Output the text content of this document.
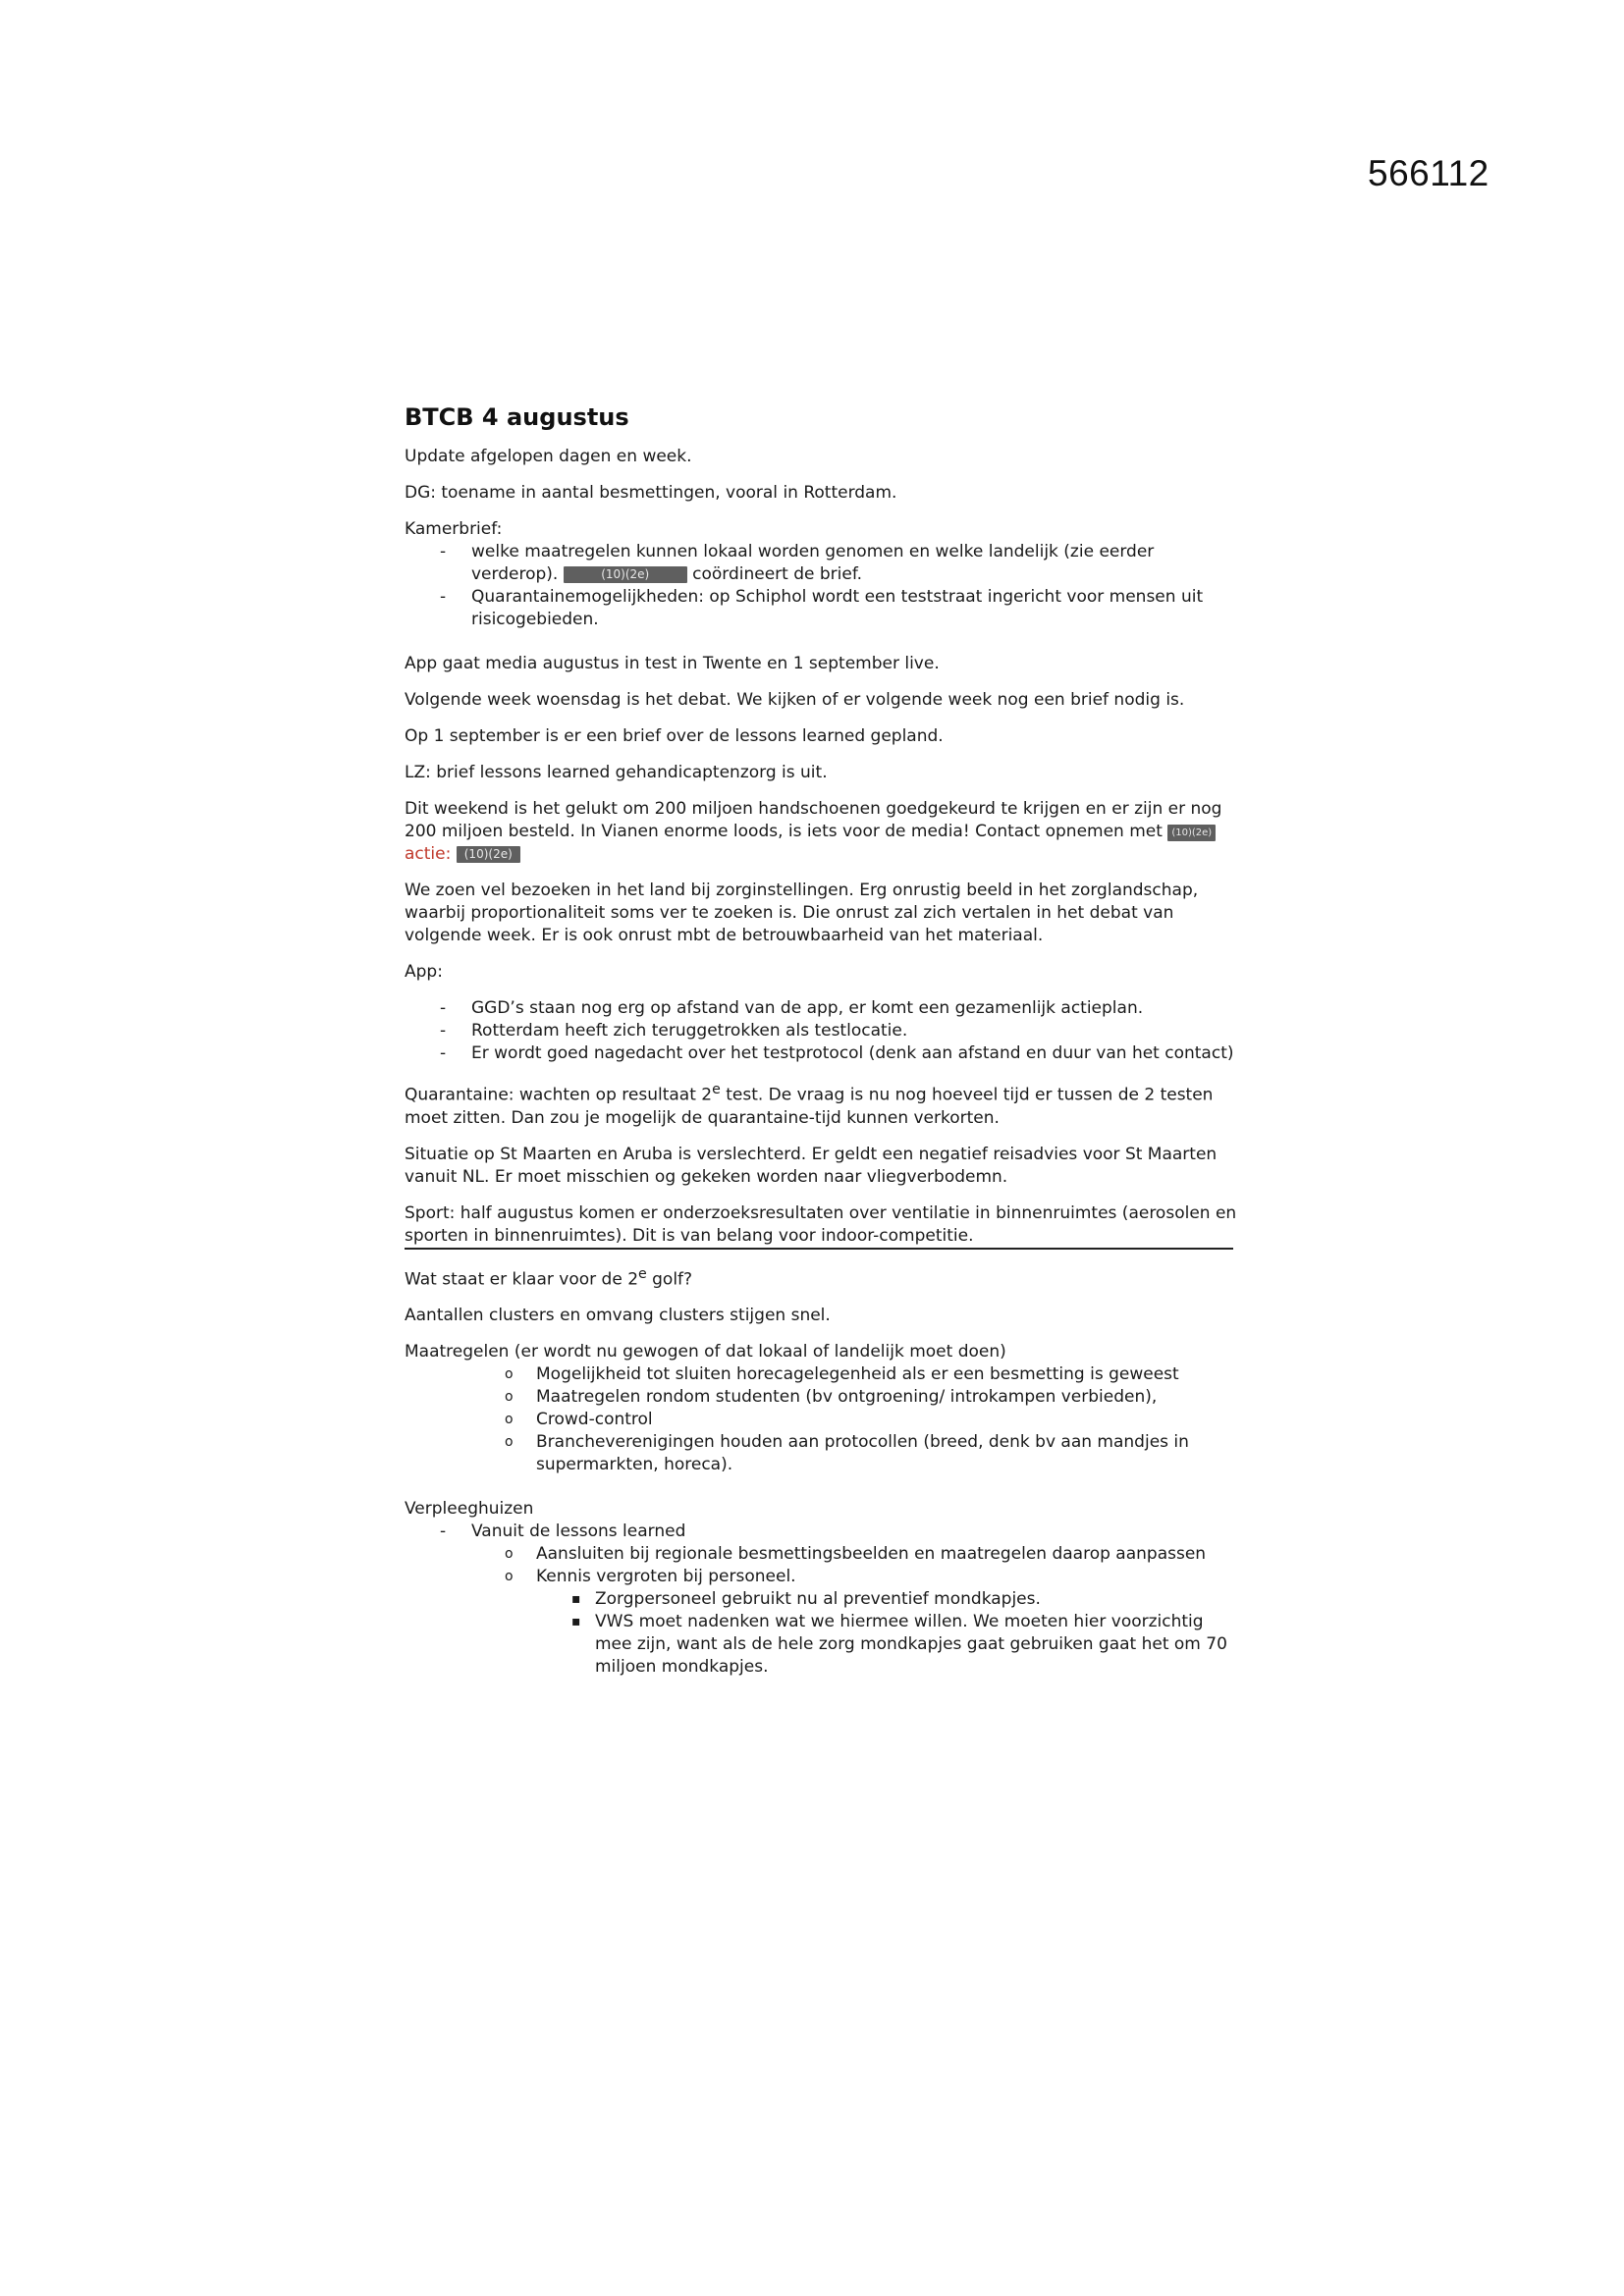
566112
BTCB 4 augustus

Update afgelopen dagen en week.

DG: toename in aantal besmettingen, vooral in Rotterdam.

Kamerbrief:

- welke maatregelen kunnen lokaal worden genomen en welke landelijk (zie eerder verderop).	(10)(2e)	coördineert de brief.
- Quarantainemogelijkheden: op Schiphol wordt een teststraat ingericht voor mensen uit risicogebieden.

App gaat media augustus in test in Twente en 1 september live.

Volgende week woensdag is het debat. We kijken of er volgende week nog een brief nodig is.

Op 1 september is er een brief over de lessons learned gepland.

LZ: brief lessons learned gehandicaptenzorg is uit.

Dit weekend is het gelukt om 200 miljoen handschoenen goedgekeurd te krijgen en er zijn er nog 200 miljoen besteld. In Vianen enorme loods, is iets voor de media! Contact opnemen met (10)(2e)
actie: (10)(2e)

We zoen vel bezoeken in het land bij zorginstellingen. Erg onrustig beeld in het zorglandschap, waarbij proportionaliteit soms ver te zoeken is. Die onrust zal zich vertalen in het debat van volgende week. Er is ook onrust mbt de betrouwbaarheid van het materiaal.

App:

- GGD’s staan nog erg op afstand van de app, er komt een gezamenlijk actieplan.
- Rotterdam heeft zich teruggetrokken als testlocatie.
- Er wordt goed nagedacht over het testprotocol (denk aan afstand en duur van het contact)

Quarantaine: wachten op resultaat 2e test. De vraag is nu nog hoeveel tijd er tussen de 2 testen moet zitten. Dan zou je mogelijk de quarantaine-tijd kunnen verkorten.

Situatie op St Maarten en Aruba is verslechterd. Er geldt een negatief reisadvies voor St Maarten vanuit NL. Er moet misschien og gekeken worden naar vliegverbodemn.

Sport: half augustus komen er onderzoeksresultaten over ventilatie in binnenruimtes (aerosolen en sporten in binnenruimtes). Dit is van belang voor indoor-competitie.

Wat staat er klaar voor de 2e golf?

Aantallen clusters en omvang clusters stijgen snel.

Maatregelen (er wordt nu gewogen of dat lokaal of landelijk moet doen)

o Mogelijkheid tot sluiten horecagelegenheid als er een besmetting is geweest
o Maatregelen rondom studenten (bv ontgroening/ introkampen verbieden),
o Crowd-control
o Brancheverenigingen houden aan protocollen (breed, denk bv aan mandjes in supermarkten, horeca).

Verpleeghuizen

- Vanuit de lessons learned
o Aansluiten bij regionale besmettingsbeelden en maatregelen daarop aanpassen
o Kennis vergroten bij personeel.
▪ Zorgpersoneel gebruikt nu al preventief mondkapjes.
▪ VWS moet nadenken wat we hiermee willen. We moeten hier voorzichtig mee zijn, want als de hele zorg mondkapjes gaat gebruiken gaat het om 70 miljoen mondkapjes.
